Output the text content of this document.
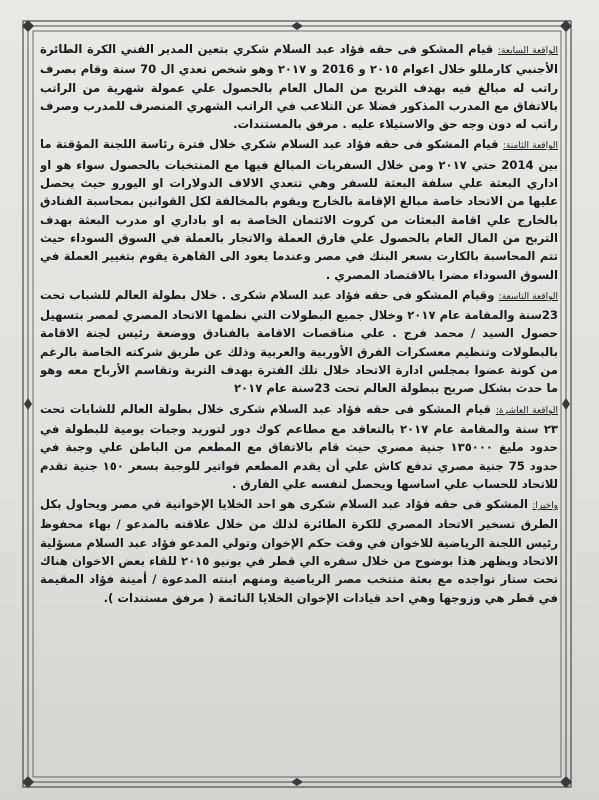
الواقعة السابعة: قيام المشكو فى حقه فؤاد عبد السلام شكري بتعين المدير الفني الكرة الطائرة الأجنبي كارمللو خلال اعوام ٢٠١٥ و 2016 و ٢٠١٧ وهو شخص تعدي ال 70 سنة وقام بصرف راتب له مبالغ فيه بهدف التربح من المال العام بالحصول علي عمولة شهرية من الراتب بالاتفاق مع المدرب المذكور فضلا عن التلاعب في الراتب الشهري المنصرف للمدرب وصرف راتب له دون وجه حق والاستيلاء عليه . مرفق بالمستندات.

الواقعة الثامنة: قيام المشكو فى حقه فؤاد عبد السلام شكري خلال فترة رئاسة اللجنة المؤقتة ما بين 2014 حتي ٢٠١٧ ومن خلال السفريات المبالغ فيها مع المنتخبات بالحصول سواء هو او اداري البعثة علي سلفة البعثة للسفر وهي تتعدي الالاف الدولارات او اليورو حيث يحصل عليها من الاتحاد خاصة مبالغ الإقامة بالخارج ويقوم بالمخالفة لكل القوانين بمحاسبة الفنادق بالخارج علي اقامة البعثات من كروت الائتمان الخاصة به او باداري او مدرب البعثة بهدف التربح من المال العام بالحصول علي فارق العملة والاتجار بالعملة في السوق السوداء حيث تتم المحاسبة بالكارت بسعر البنك في مصر وعندما يعود الى القاهرة يقوم بتغيير العملة في السوق السوداء مضرا بالاقتصاد المصري .

الواقعة التاسعة: وقيام المشكو فى حقه فؤاد عبد السلام شكرى . خلال بطولة العالم للشباب تحت 23سنة والمقامة عام ٢٠١٧ وخلال جميع البطولات التي نظمها الاتحاد المصري لمصر بتسهيل حصول السيد / محمد فرج . علي مناقصات الاقامة بالفنادق ووضعة رئيس لجنة الاقامة بالبطولات وتنظيم معسكرات الفرق الأوربية والعربية وذلك عن طريق شركته الخاصة بالرغم من كونة عضوا بمجلس ادارة الاتحاد خلال تلك الفترة بهدف التربة وتقاسم الأرباح معه وهو ما حدث بشكل صريح ببطولة العالم تحت 23سنة عام ٢٠١٧

الواقعة العاشرة: قيام المشكو فى حقه فؤاد عبد السلام شكرى خلال بطولة العالم للشابات تحت ٢٣ سنة والمقامة عام ٢٠١٧ بالتعاقد مع مطاعم كوك دور لتوريد وجبات يومية للبطولة في حدود مليغ ١٣٥٠٠٠ جنية مصري حيث قام بالاتفاق مع المطعم من الباطن علي وجبة في حدود 75 جنية مصري تدفع كاش علي أن يقدم المطعم فواتير للوجبة بسعر ١٥٠ جنية تقدم للاتحاد للحساب علي اساسها ويحصل لنفسه علي الفارق .

واخيرا: المشكو فى حقه فؤاد عبد السلام شكرى هو احد الخلايا الإخوانية في مصر ويحاول بكل الطرق تسخير الاتحاد المصري للكرة الطائرة لذلك من خلال علاقته بالمدعو / بهاء محفوظ رئيس اللجنة الرياضية للاخوان في وقت حكم الإخوان وتولي المدعو فؤاد عبد السلام مسؤلية الاتحاد ويظهر هذا بوضوح من خلال سفره الي قطر في يونيو ٢٠١٥ للقاء بعض الاخوان هناك تحت ستار تواجده مع بعثة منتخب مصر الرياضية ومنهم ابنته المدعوة / أمينة فؤاد المقيمة في قطر هي وزوجها وهي احد قيادات الإخوان الخلايا النائمة ( مرفق مستندات ).
